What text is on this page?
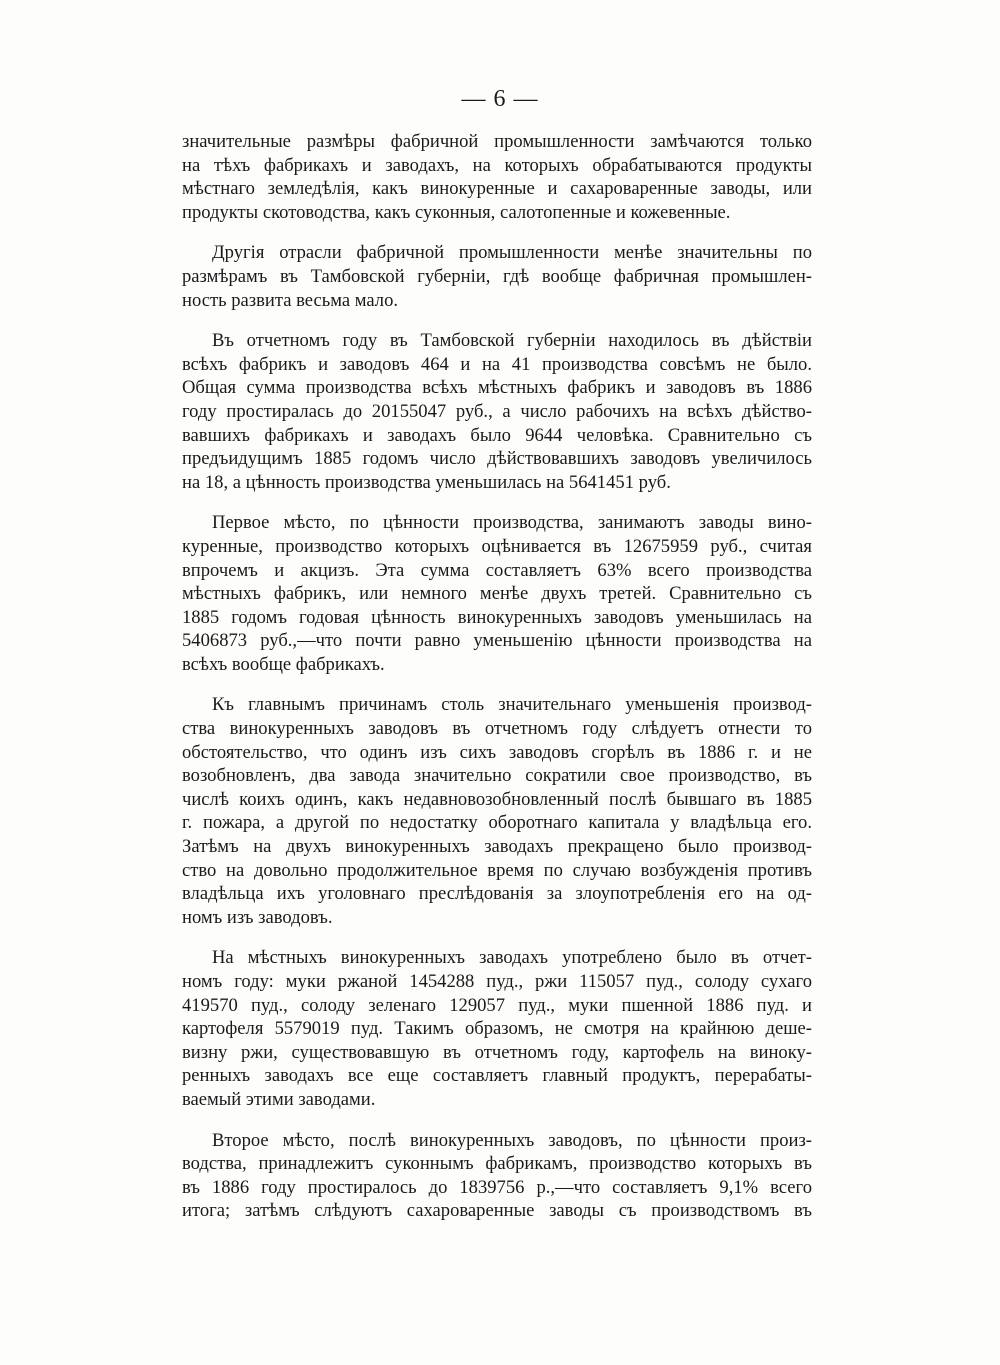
— 6 —

значительные размѣры фабричной промышленности замѣчаются только
на тѣхъ фабрикахъ и заводахъ, на которыхъ обрабатываются продукты
мѣстнаго земледѣлія, какъ винокуренные и сахароваренные заводы, или
продукты скотоводства, какъ суконныя, салотопенные и кожевенные.

Другія отрасли фабричной промышленности менѣе значительны по
размѣрамъ въ Тамбовской губерніи, гдѣ вообще фабричная промышлен-
ность развита весьма мало.

Въ отчетномъ году въ Тамбовской губерніи находилось въ дѣйствіи
всѣхъ фабрикъ и заводовъ 464 и на 41 производства совсѣмъ не было.
Общая сумма производства всѣхъ мѣстныхъ фабрикъ и заводовъ въ 1886
году простиралась до 20155047 руб., а число рабочихъ на всѣхъ дѣйство-
вавшихъ фабрикахъ и заводахъ было 9644 человѣка. Сравнительно съ
предъидущимъ 1885 годомъ число дѣйствовавшихъ заводовъ увеличилось
на 18, а цѣнность производства уменьшилась на 5641451 руб.

Первое мѣсто, по цѣнности производства, занимаютъ заводы вино-
куренные, производство которыхъ оцѣнивается въ 12675959 руб., считая
впрочемъ и акцизъ. Эта сумма составляетъ 63% всего производства
мѣстныхъ фабрикъ, или немного менѣе двухъ третей. Сравнительно съ
1885 годомъ годовая цѣнность винокуренныхъ заводовъ уменьшилась на
5406873 руб.,—что почти равно уменьшенію цѣнности производства на
всѣхъ вообще фабрикахъ.

Къ главнымъ причинамъ столь значительнаго уменьшенія производ-
ства винокуренныхъ заводовъ въ отчетномъ году слѣдуетъ отнести то
обстоятельство, что одинъ изъ сихъ заводовъ сгорѣлъ въ 1886 г. и не
возобновленъ, два завода значительно сократили свое производство, въ
числѣ коихъ одинъ, какъ недавновозобновленный послѣ бывшаго въ 1885
г. пожара, а другой по недостатку оборотнаго капитала у владѣльца его.
Затѣмъ на двухъ винокуренныхъ заводахъ прекращено было производ-
ство на довольно продолжительное время по случаю возбужденія противъ
владѣльца ихъ уголовнаго преслѣдованія за злоупотребленія его на од-
номъ изъ заводовъ.

На мѣстныхъ винокуренныхъ заводахъ употреблено было въ отчет-
номъ году: муки ржаной 1454288 пуд., ржи 115057 пуд., солоду сухаго
419570 пуд., солоду зеленаго 129057 пуд., муки пшенной 1886 пуд. и
картофеля 5579019 пуд. Такимъ образомъ, не смотря на крайнюю деше-
визну ржи, существовавшую въ отчетномъ году, картофель на виноку-
ренныхъ заводахъ все еще составляетъ главный продуктъ, перерабаты-
ваемый этими заводами.

Второе мѣсто, послѣ винокуренныхъ заводовъ, по цѣнности произ-
водства, принадлежитъ суконнымъ фабрикамъ, производство которыхъ въ
въ 1886 году простиралось до 1839756 р.,—что составляетъ 9,1% всего
итога; затѣмъ слѣдуютъ сахароваренные заводы съ производствомъ въ
